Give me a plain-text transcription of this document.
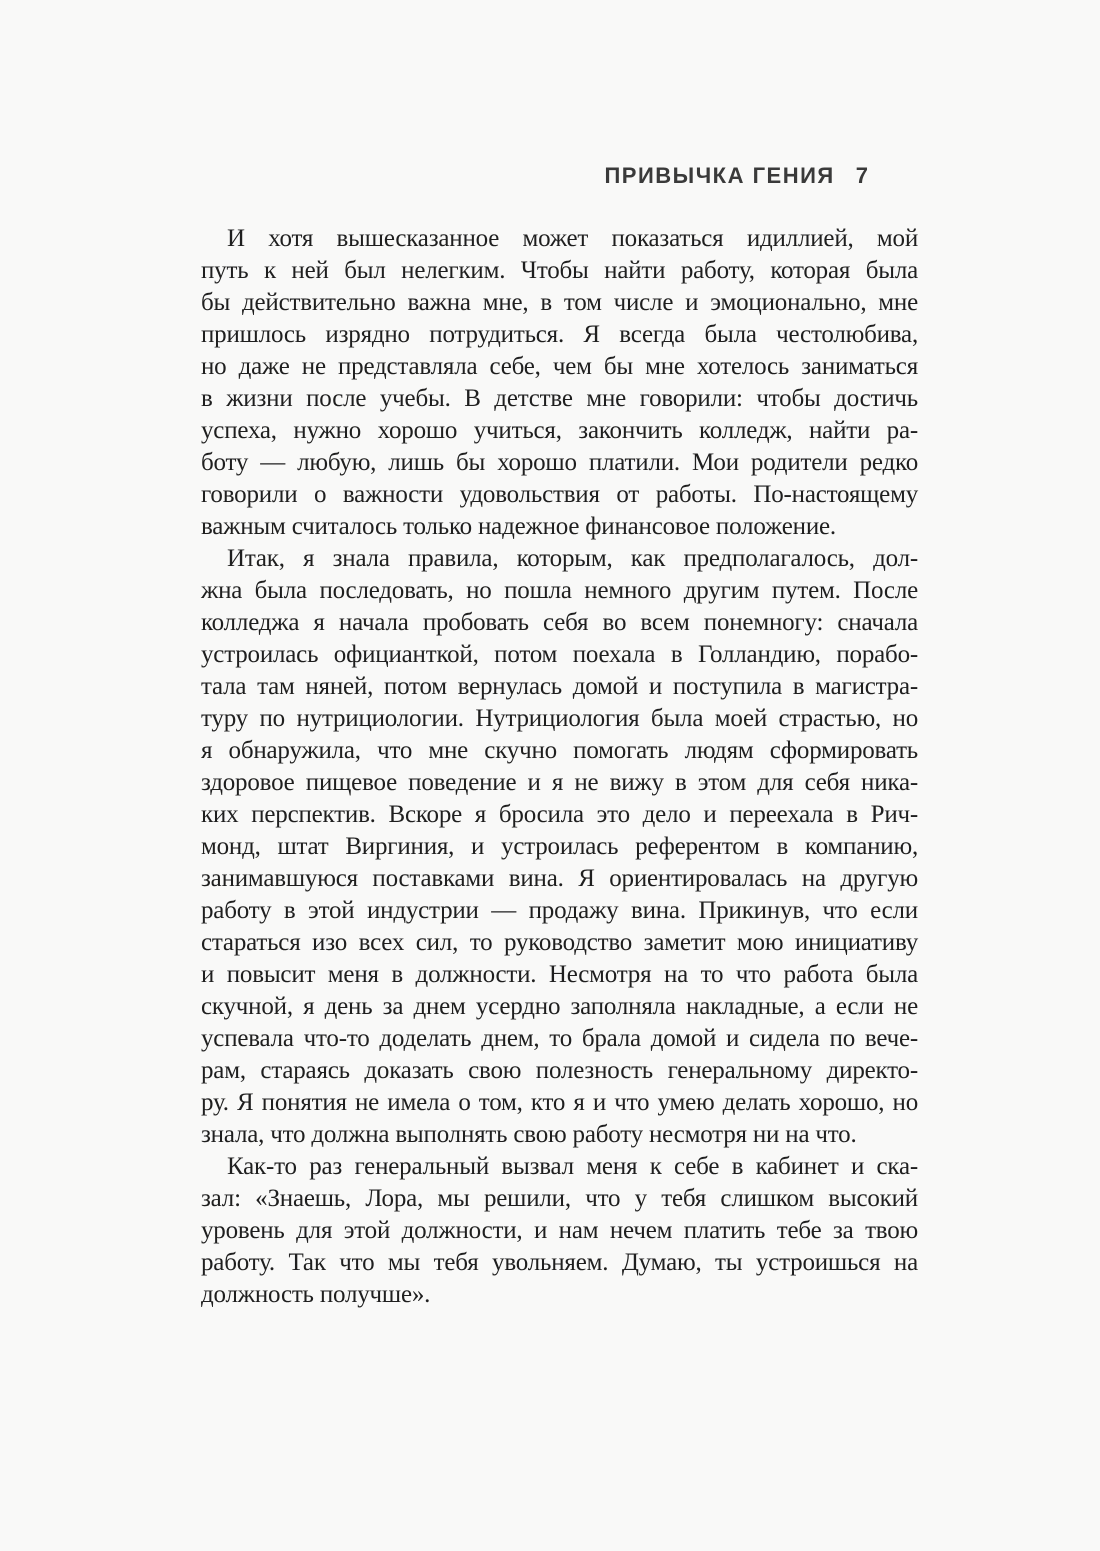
ПРИВЫЧКА ГЕНИЯ 7
И хотя вышесказанное может показаться идиллией, мой
путь к ней был нелегким. Чтобы найти работу, которая была
бы действительно важна мне, в том числе и эмоционально, мне
пришлось изрядно потрудиться. Я всегда была честолюбива,
но даже не представляла себе, чем бы мне хотелось заниматься
в жизни после учебы. В детстве мне говорили: чтобы достичь
успеха, нужно хорошо учиться, закончить колледж, найти ра-
боту — любую, лишь бы хорошо платили. Мои родители редко
говорили о важности удовольствия от работы. По-настоящему
важным считалось только надежное финансовое положение.
Итак, я знала правила, которым, как предполагалось, дол-
жна была последовать, но пошла немного другим путем. После
колледжа я начала пробовать себя во всем понемногу: сначала
устроилась официанткой, потом поехала в Голландию, порабо-
тала там няней, потом вернулась домой и поступила в магистра-
туру по нутрициологии. Нутрициология была моей страстью, но
я обнаружила, что мне скучно помогать людям сформировать
здоровое пищевое поведение и я не вижу в этом для себя ника-
ких перспектив. Вскоре я бросила это дело и переехала в Рич-
монд, штат Виргиния, и устроилась референтом в компанию,
занимавшуюся поставками вина. Я ориентировалась на другую
работу в этой индустрии — продажу вина. Прикинув, что если
стараться изо всех сил, то руководство заметит мою инициативу
и повысит меня в должности. Несмотря на то что работа была
скучной, я день за днем усердно заполняла накладные, а если не
успевала что-то доделать днем, то брала домой и сидела по вече-
рам, стараясь доказать свою полезность генеральному директо-
ру. Я понятия не имела о том, кто я и что умею делать хорошо, но
знала, что должна выполнять свою работу несмотря ни на что.
Как-то раз генеральный вызвал меня к себе в кабинет и ска-
зал: «Знаешь, Лора, мы решили, что у тебя слишком высокий
уровень для этой должности, и нам нечем платить тебе за твою
работу. Так что мы тебя увольняем. Думаю, ты устроишься на
должность получше».
